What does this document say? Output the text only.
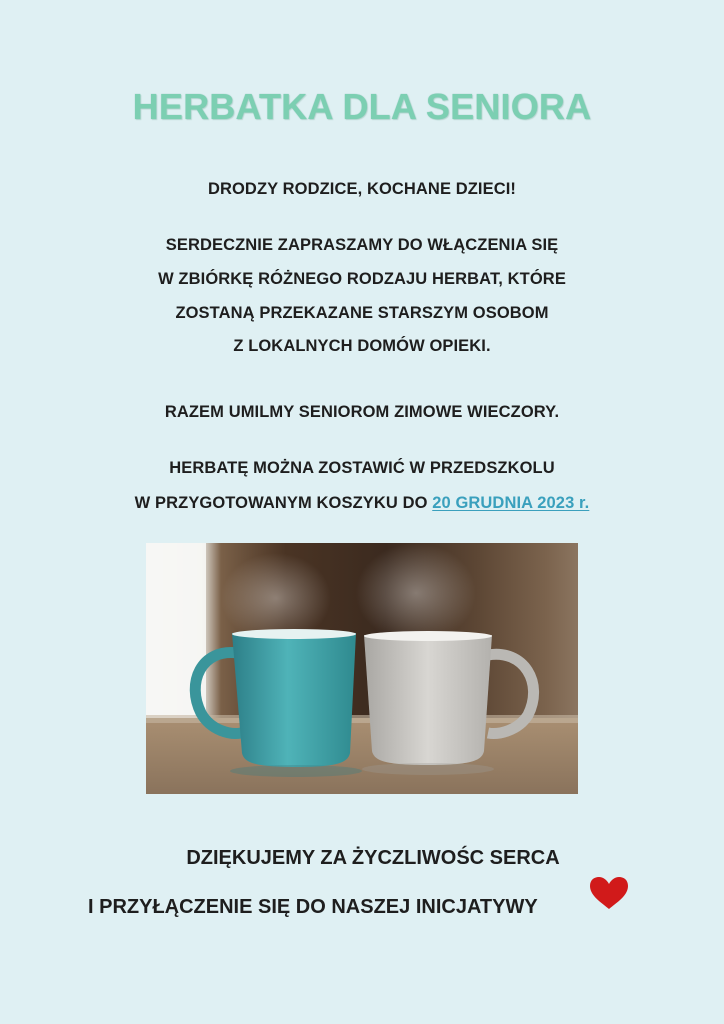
HERBATKA DLA SENIORA
DRODZY RODZICE, KOCHANE DZIECI!
SERDECZNIE ZAPRASZAMY DO WŁĄCZENIA SIĘ
W ZBIÓRKĘ RÓŻNEGO RODZAJU HERBAT, KTÓRE
ZOSTANĄ PRZEKAZANE STARSZYM OSOBOM
Z LOKALNYCH DOMÓW OPIEKI.
RAZEM UMILMY SENIOROM ZIMOWE WIECZORY.
HERBATĘ MOŻNA ZOSTAWIĆ W PRZEDSZKOLU
W PRZYGOTOWANYM KOSZYKU DO 20 GRUDNIA 2023 r.
DZIĘKUJEMY ZA ŻYCZLIWOŚC SERCA
I PRZYŁĄCZENIE SIĘ DO NASZEJ INICJATYWY
